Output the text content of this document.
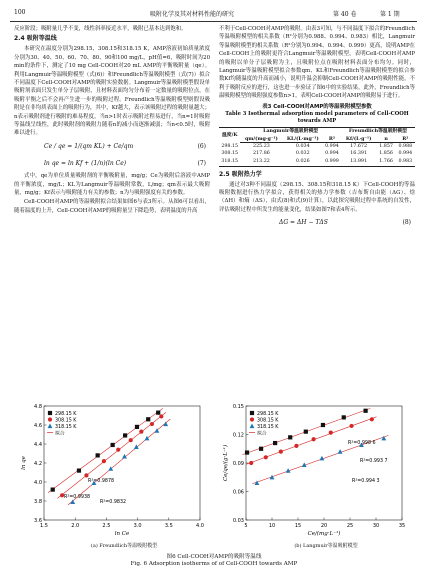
100	吸附化学及其对材料性能的研究	第 40 卷	第 1 期

反应阶段；吸附量几乎不变，线性斜率接近水平，吸附已基本达到饱和。

2.4 吸附等温线

本研究在温度分别为298.15、308.15和318.15 K，AMP溶液初始质量浓度分别为30、40、50、60、70、80、90和100 mg/L，pH值=6，吸附时间为20 min的条件下，测定了10 mg Cell-COOH对20 mL AMP的平衡吸附量（qe）。利用Langmuir等温吸附模型（式(6)）和Freundlich等温吸附模型（式(7)）拟合不同温度下Cell-COOH对AMP的吸附实验数据。Langmuir等温吸附模型假设单吸附剂表面只发生单分子层吸附，且材料表面均匀分布着一定数量的吸附位点，在吸附平衡之后不会再产生进一步的吸附过程。Freundlich等温吸附模型则假设吸附是在非均质表面上的吸附行为，其中，Kf越大，表示该吸附过程的吸附量越大；n表示吸附剂进行吸附的难易程度，当n>1时表示吸附过程易进行，当n=1时吸附等温线呈线性，此时吸附剂的吸附力随着n的减小而逐渐减弱；当n<0.5时，吸附难以进行。

Ce / qe = 1/(qm KL) + Ce/qm	(6)
ln qe = ln Kf + (1/n)(ln Ce)	(7)

式中，qe为单位质量吸附剂的平衡吸附量，mg/g；Ce为吸附后溶液中AMP的平衡浓度，mg/L；KL为Langmuir等温吸附常数，L/mg；qm表示最大吸附量，mg/g；Kf表示与吸附能力有关的参数；n为与吸附强度有关的参数。

Cell-COOH对AMP的等温吸附拟合结果如图6与表3所示。从图6可以看出，随着温度的上升，Cell-COOH对AMP的吸附量呈下降趋势，表明温度的升高

不利于Cell-COOH对AMP的吸附。由表3可知，与不同温度下拟合的Freundlich等温吸附模型的相关系数（R²分别为0.988、0.994、0.983）相比，Langmuir等温吸附模型的相关系数（R²分别为0.994、0.994、0.999）更高，说明AMP在Cell-COOH上的吸附更符合Langmuir等温吸附模型，表明Cell-COOH对AMP的吸附以单分子层吸附为主，且吸附位点在吸附材料表面分布均匀。同时，Langmuir等温吸附模型拟合参数qm、KL和Freundlich等温吸附模型的拟合参数Kf均随温度的升高而减小，说明升温会抑制Cell-COOH对AMP的吸附性能，不利于吸附反应的进行，这也进一步验证了图6中的实验结果。此外，Freundlich等温吸附模型的吸附强度参数n>1，表明Cell-COOH对AMP的吸附易于进行。

表3 Cell-COOH对AMP的等温吸附模型参数
Table 3 Isothermal adsorption model parameters of Cell-COOH towards AMP
温度/K	Langmuir等温吸附模型			Freundlich等温吸附模型		
	qm/(mg·g⁻¹)	KL/(L·mg⁻¹)	R²	Kf/(L·g⁻¹)	n	R²
298.15	225.23	0.034	0.994	17.672	1.857	0.988
308.15	217.86	0.032	0.994	16.391	1.856	0.994
318.15	213.22	0.026	0.999	13.991	1.766	0.983
2.5 吸附热力学

通过对3种不同温度（298.15、308.15和318.15 K）下Cell-COOH的等温吸附数据进行热力学拟合，获得相关的热力学参数（吉布斯自由能（ΔG）、焓（ΔH）和熵（ΔS），由式(8)和式(9)计算），以此探究吸附过程中系统的自发性，评估吸附过程中所发生的能量变化，结果如图7和表4所示。

ΔG = ΔH − TΔS	(8)
1.5	2.0	2.5	3.0	3.5	4.0
3.6
3.8
4.0
4.2
4.4
4.6
4.8
ln Ce
ln qe
298.15 K
308.15 K
318.15 K
拟合
R²=0.9878
R²=0.9938
R²=0.9832
5	10	15	20	25	30	35
0.03
0.06
0.09
0.12
0.15
Ce/(mg·L⁻¹)
Ce/qe/(g·L⁻¹)
298.15 K
308.15 K
318.15 K
拟合
R²=0.998 6
R²=0.993 7
R²=0.994 3
(a) Freundlich等温吸附模型	(b) Langmuir等温吸附模型
图6 Cell-COOH对AMP的吸附等温线
Fig. 6 Adsorption isotherms of of Cell-COOH towards AMP
